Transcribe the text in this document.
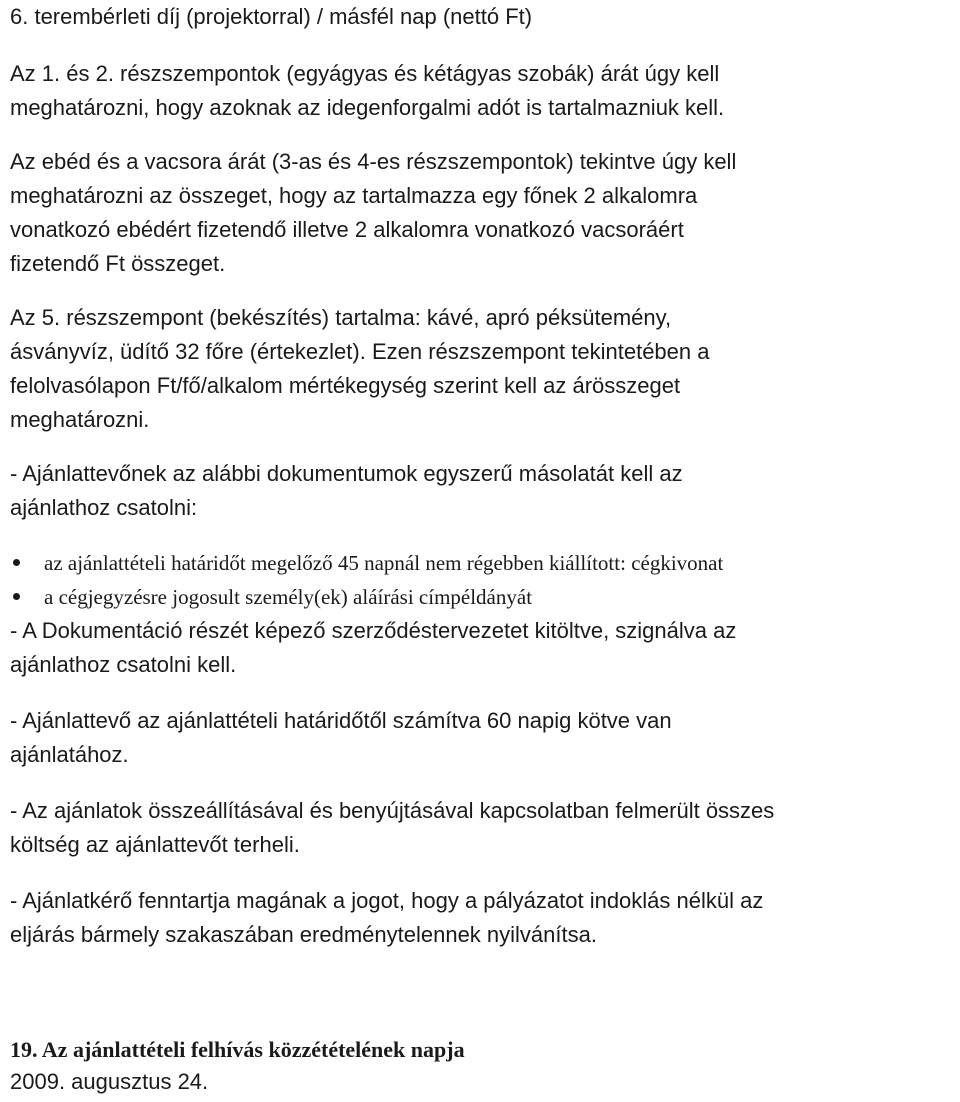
6. terembérleti díj (projektorral) / másfél nap (nettó Ft)

Az 1. és 2. részszempontok (egyágyas és kétágyas szobák) árát úgy kell
meghatározni, hogy azoknak az idegenforgalmi adót is tartalmazniuk kell.

Az ebéd és a vacsora árát (3-as és 4-es részszempontok) tekintve úgy kell
meghatározni az összeget, hogy az tartalmazza egy főnek 2 alkalomra
vonatkozó ebédért fizetendő illetve 2 alkalomra vonatkozó vacsoráért
fizetendő Ft összeget.

Az 5. részszempont (bekészítés) tartalma: kávé, apró péksütemény,
ásványvíz, üdítő 32 főre (értekezlet). Ezen részszempont tekintetében a
felolvasólapon Ft/fő/alkalom mértékegység szerint kell az árösszeget
meghatározni.

- Ajánlattevőnek az alábbi dokumentumok egyszerű másolatát kell az
ajánlathoz csatolni:

az ajánlattételi határidőt megelőző 45 napnál nem régebben kiállított: cégkivonat
a cégjegyzésre jogosult személy(ek) aláírási címpéldányát

- A Dokumentáció részét képező szerződéstervezetet kitöltve, szignálva az
ajánlathoz csatolni kell.

- Ajánlattevő az ajánlattételi határidőtől számítva 60 napig kötve van
ajánlatához.

- Az ajánlatok összeállításával és benyújtásával kapcsolatban felmerült összes
költség az ajánlattevőt terheli.

- Ajánlatkérő fenntartja magának a jogot, hogy a pályázatot indoklás nélkül az
eljárás bármely szakaszában eredménytelennek nyilvánítsa.

19. Az ajánlattételi felhívás közzétételének napja

2009. augusztus 24.
